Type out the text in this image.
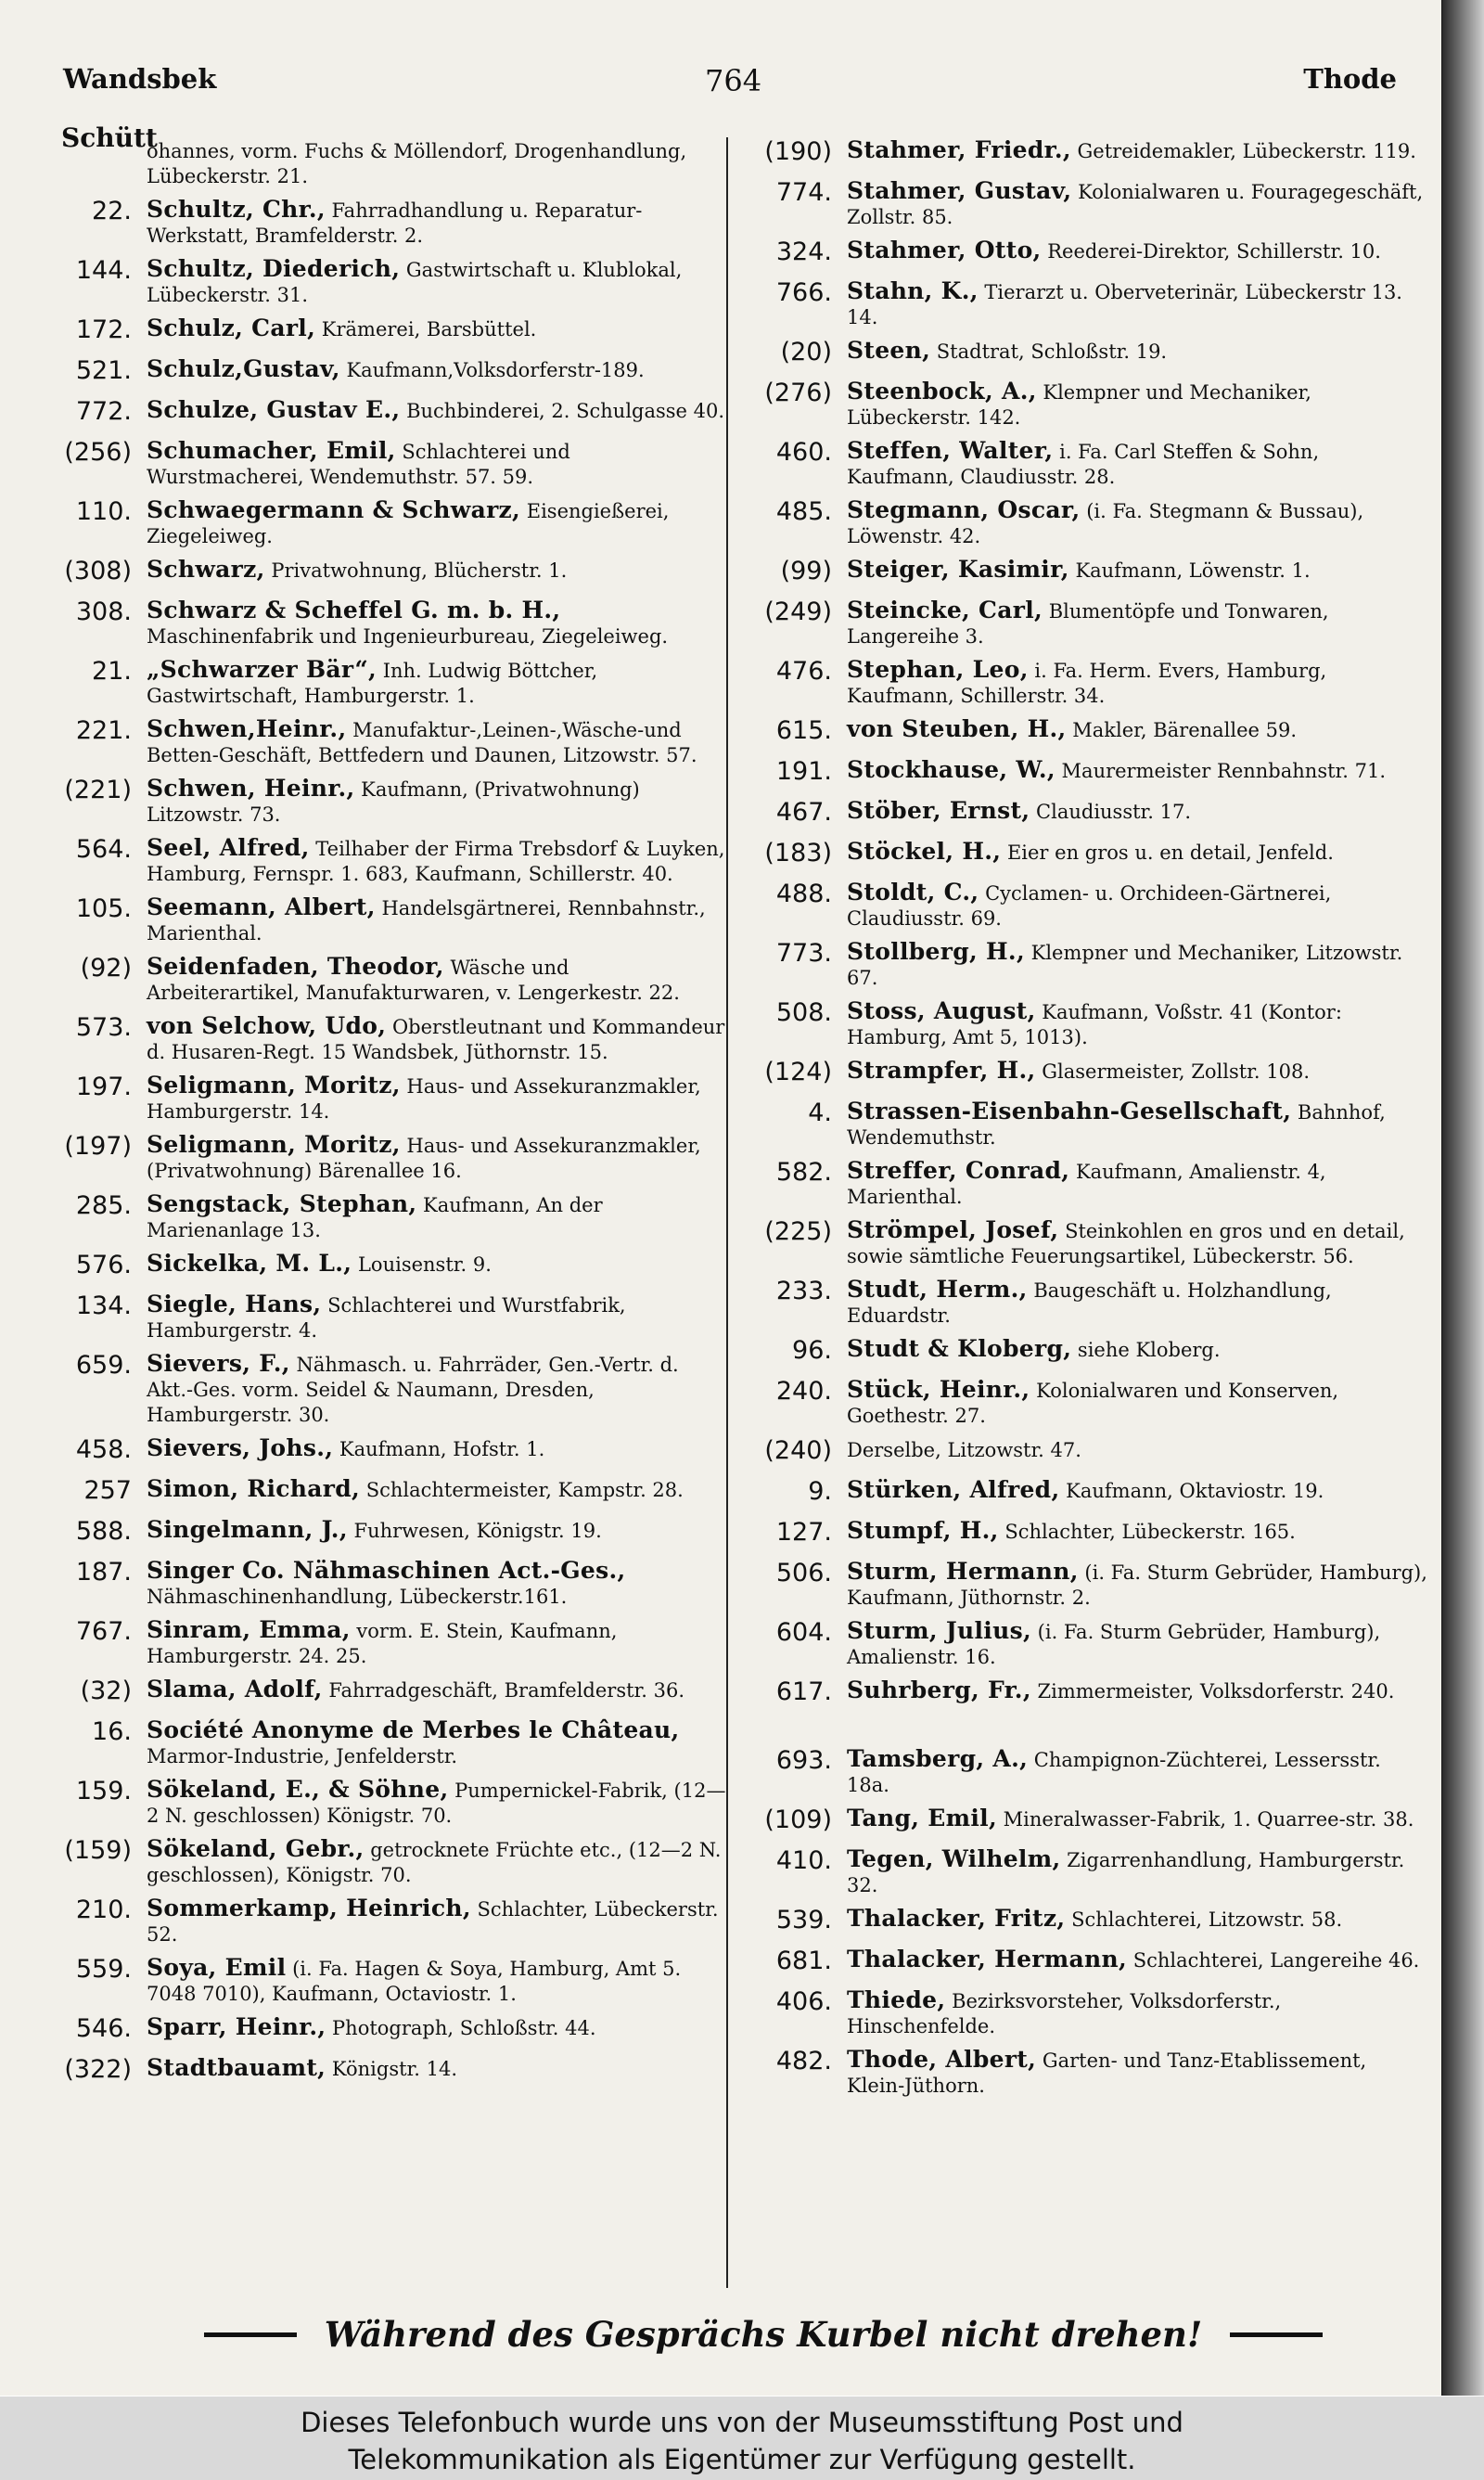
Wandsbek	764	Thode
Schütt
ohannes, vorm. Fuchs & Möllendorf, Drogenhandlung, Lübeckerstr. 21.
22. Schultz, Chr., Fahrradhandlung u. Reparatur-Werkstatt, Bramfelderstr. 2.
144. Schultz, Diederich, Gastwirtschaft u. Klublokal, Lübeckerstr. 31.
172. Schulz, Carl, Krämerei, Barsbüttel.
521. Schulz,Gustav, Kaufmann,Volksdorferstr-189.
772. Schulze, Gustav E., Buchbinderei, 2. Schulgasse 40.
(256) Schumacher, Emil, Schlachterei und Wurstmacherei, Wendemuthstr. 57. 59.
110. Schwaegermann & Schwarz, Eisengießerei, Ziegeleiweg.
(308) Schwarz, Privatwohnung, Blücherstr. 1.
308. Schwarz & Scheffel G. m. b. H., Maschinenfabrik und Ingenieurbureau, Ziegeleiweg.
21. „Schwarzer Bär“, Inh. Ludwig Böttcher, Gastwirtschaft, Hamburgerstr. 1.
221. Schwen,Heinr., Manufaktur-,Leinen-,Wäsche-und Betten-Geschäft, Bettfedern und Daunen, Litzowstr. 57.
(221) Schwen, Heinr., Kaufmann, (Privatwohnung) Litzowstr. 73.
564. Seel, Alfred, Teilhaber der Firma Trebsdorf & Luyken, Hamburg, Fernspr. 1. 683, Kaufmann, Schillerstr. 40.
105. Seemann, Albert, Handelsgärtnerei, Rennbahnstr., Marienthal.
(92) Seidenfaden, Theodor, Wäsche und Arbeiterartikel, Manufakturwaren, v. Lengerkestr. 22.
573. von Selchow, Udo, Oberstleutnant und Kommandeur d. Husaren-Regt. 15 Wandsbek, Jüthornstr. 15.
197. Seligmann, Moritz, Haus- und Assekuranzmakler, Hamburgerstr. 14.
(197) Seligmann, Moritz, Haus- und Assekuranzmakler, (Privatwohnung) Bärenallee 16.
285. Sengstack, Stephan, Kaufmann, An der Marienanlage 13.
576. Sickelka, M. L., Louisenstr. 9.
134. Siegle, Hans, Schlachterei und Wurstfabrik, Hamburgerstr. 4.
659. Sievers, F., Nähmasch. u. Fahrräder, Gen.-Vertr. d. Akt.-Ges. vorm. Seidel & Naumann, Dresden, Hamburgerstr. 30.
458. Sievers, Johs., Kaufmann, Hofstr. 1.
257 Simon, Richard, Schlachtermeister, Kampstr. 28.
588. Singelmann, J., Fuhrwesen, Königstr. 19.
187. Singer Co. Nähmaschinen Act.-Ges., Nähmaschinenhandlung, Lübeckerstr.161.
767. Sinram, Emma, vorm. E. Stein, Kaufmann, Hamburgerstr. 24. 25.
(32) Slama, Adolf, Fahrradgeschäft, Bramfelderstr. 36.
16. Société Anonyme de Merbes le Château, Marmor-Industrie, Jenfelderstr.
159. Sökeland, E., & Söhne, Pumpernickel-Fabrik, (12—2 N. geschlossen) Königstr. 70.
(159) Sökeland, Gebr., getrocknete Früchte etc., (12—2 N. geschlossen), Königstr. 70.
210. Sommerkamp, Heinrich, Schlachter, Lübeckerstr. 52.
559. Soya, Emil (i. Fa. Hagen & Soya, Hamburg, Amt 5. 7048 7010), Kaufmann, Octaviostr. 1.
546. Sparr, Heinr., Photograph, Schloßstr. 44.
(322) Stadtbauamt, Königstr. 14.
(190) Stahmer, Friedr., Getreidemakler, Lübeckerstr. 119.
774. Stahmer, Gustav, Kolonialwaren u. Fouragegeschäft, Zollstr. 85.
324. Stahmer, Otto, Reederei-Direktor, Schillerstr. 10.
766. Stahn, K., Tierarzt u. Oberveterinär, Lübeckerstr 13. 14.
(20) Steen, Stadtrat, Schloßstr. 19.
(276) Steenbock, A., Klempner und Mechaniker, Lübeckerstr. 142.
460. Steffen, Walter, i. Fa. Carl Steffen & Sohn, Kaufmann, Claudiusstr. 28.
485. Stegmann, Oscar, (i. Fa. Stegmann & Bussau), Löwenstr. 42.
(99) Steiger, Kasimir, Kaufmann, Löwenstr. 1.
(249) Steincke, Carl, Blumentöpfe und Tonwaren, Langereihe 3.
476. Stephan, Leo, i. Fa. Herm. Evers, Hamburg, Kaufmann, Schillerstr. 34.
615. von Steuben, H., Makler, Bärenallee 59.
191. Stockhause, W., Maurermeister Rennbahnstr. 71.
467. Stöber, Ernst, Claudiusstr. 17.
(183) Stöckel, H., Eier en gros u. en detail, Jenfeld.
488. Stoldt, C., Cyclamen- u. Orchideen-Gärtnerei, Claudiusstr. 69.
773. Stollberg, H., Klempner und Mechaniker, Litzowstr. 67.
508. Stoss, August, Kaufmann, Voßstr. 41 (Kontor: Hamburg, Amt 5, 1013).
(124) Strampfer, H., Glasermeister, Zollstr. 108.
4. Strassen-Eisenbahn-Gesellschaft, Bahnhof, Wendemuthstr.
582. Streffer, Conrad, Kaufmann, Amalienstr. 4, Marienthal.
(225) Strömpel, Josef, Steinkohlen en gros und en detail, sowie sämtliche Feuerungsartikel, Lübeckerstr. 56.
233. Studt, Herm., Baugeschäft u. Holzhandlung, Eduardstr.
96. Studt & Kloberg, siehe Kloberg.
240. Stück, Heinr., Kolonialwaren und Konserven, Goethestr. 27.
(240) Derselbe, Litzowstr. 47.
9. Stürken, Alfred, Kaufmann, Oktaviostr. 19.
127. Stumpf, H., Schlachter, Lübeckerstr. 165.
506. Sturm, Hermann, (i. Fa. Sturm Gebrüder, Hamburg), Kaufmann, Jüthornstr. 2.
604. Sturm, Julius, (i. Fa. Sturm Gebrüder, Hamburg), Amalienstr. 16.
617. Suhrberg, Fr., Zimmermeister, Volksdorferstr. 240.
693. Tamsberg, A., Champignon-Züchterei, Lessersstr. 18a.
(109) Tang, Emil, Mineralwasser-Fabrik, 1. Quarree-str. 38.
410. Tegen, Wilhelm, Zigarrenhandlung, Hamburgerstr. 32.
539. Thalacker, Fritz, Schlachterei, Litzowstr. 58.
681. Thalacker, Hermann, Schlachterei, Langereihe 46.
406. Thiede, Bezirksvorsteher, Volksdorferstr., Hinschenfelde.
482. Thode, Albert, Garten- und Tanz-Etablissement, Klein-Jüthorn.
Während des Gesprächs Kurbel nicht drehen!
Dieses Telefonbuch wurde uns von der Museumsstiftung Post und
Telekommunikation als Eigentümer zur Verfügung gestellt.
